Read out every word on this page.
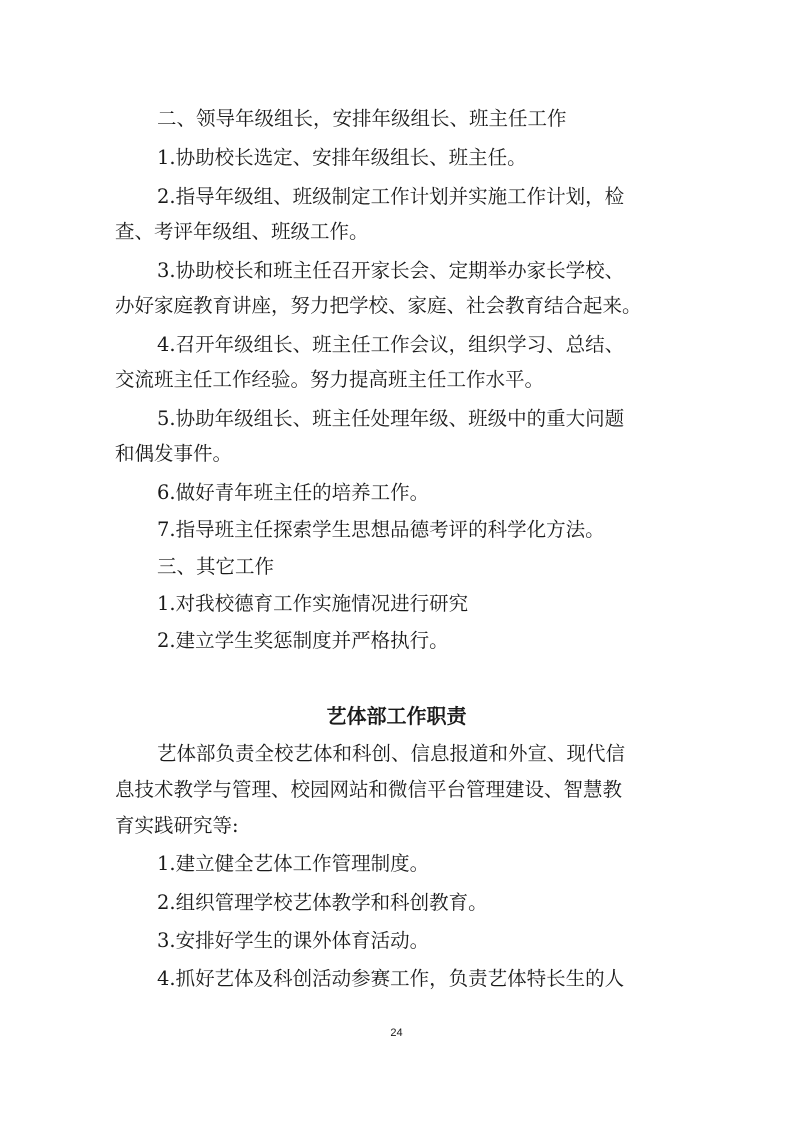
二、领导年级组长，安排年级组长、班主任工作
1.协助校长选定、安排年级组长、班主任。
2.指导年级组、班级制定工作计划并实施工作计划，检
查、考评年级组、班级工作。
3.协助校长和班主任召开家长会、定期举办家长学校、
办好家庭教育讲座，努力把学校、家庭、社会教育结合起来。
4.召开年级组长、班主任工作会议，组织学习、总结、
交流班主任工作经验。努力提高班主任工作水平。
5.协助年级组长、班主任处理年级、班级中的重大问题
和偶发事件。
6.做好青年班主任的培养工作。
7.指导班主任探索学生思想品德考评的科学化方法。
三、其它工作
1.对我校德育工作实施情况进行研究
2.建立学生奖惩制度并严格执行。
艺体部工作职责
艺体部负责全校艺体和科创、信息报道和外宣、现代信
息技术教学与管理、校园网站和微信平台管理建设、智慧教
育实践研究等:
1.建立健全艺体工作管理制度。
2.组织管理学校艺体教学和科创教育。
3.安排好学生的课外体育活动。
4.抓好艺体及科创活动参赛工作，负责艺体特长生的人
24
